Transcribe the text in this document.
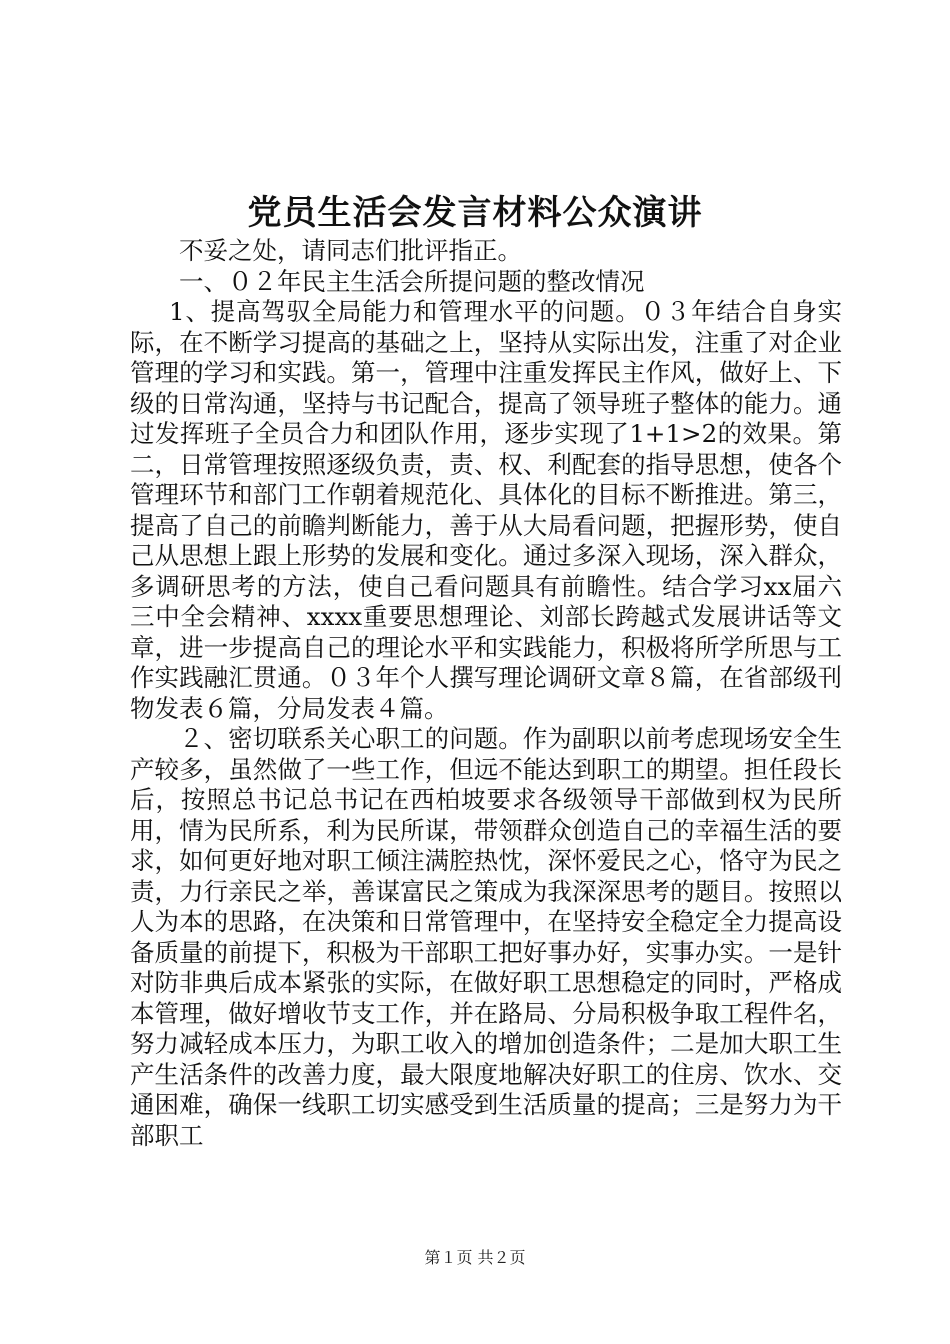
党员生活会发言材料公众演讲

不妥之处，请同志们批评指正。

一、０２年民主生活会所提问题的整改情况

1、提高驾驭全局能力和管理水平的问题。０３年结合自身实际，在不断学习提高的基础之上，坚持从实际出发，注重了对企业管理的学习和实践。第一，管理中注重发挥民主作风，做好上、下级的日常沟通，坚持与书记配合，提高了领导班子整体的能力。通过发挥班子全员合力和团队作用，逐步实现了1+1>2的效果。第二，日常管理按照逐级负责，责、权、利配套的指导思想，使各个管理环节和部门工作朝着规范化、具体化的目标不断推进。第三，提高了自己的前瞻判断能力，善于从大局看问题，把握形势，使自己从思想上跟上形势的发展和变化。通过多深入现场，深入群众，多调研思考的方法，使自己看问题具有前瞻性。结合学习xx届六三中全会精神、xxxx重要思想理论、刘部长跨越式发展讲话等文章，进一步提高自己的理论水平和实践能力，积极将所学所思与工作实践融汇贯通。０３年个人撰写理论调研文章８篇，在省部级刊物发表６篇，分局发表４篇。

２、密切联系关心职工的问题。作为副职以前考虑现场安全生产较多，虽然做了一些工作，但远不能达到职工的期望。担任段长后，按照总书记总书记在西柏坡要求各级领导干部做到权为民所用，情为民所系，利为民所谋，带领群众创造自己的幸福生活的要求，如何更好地对职工倾注满腔热忱，深怀爱民之心，恪守为民之责，力行亲民之举，善谋富民之策成为我深深思考的题目。按照以人为本的思路，在决策和日常管理中，在坚持安全稳定全力提高设备质量的前提下，积极为干部职工把好事办好，实事办实。一是针对防非典后成本紧张的实际，在做好职工思想稳定的同时，严格成本管理，做好增收节支工作，并在路局、分局积极争取工程件名，努力减轻成本压力，为职工收入的增加创造条件；二是加大职工生产生活条件的改善力度，最大限度地解决好职工的住房、饮水、交通困难，确保一线职工切实感受到生活质量的提高；三是努力为干部职工

第１页 共２页
